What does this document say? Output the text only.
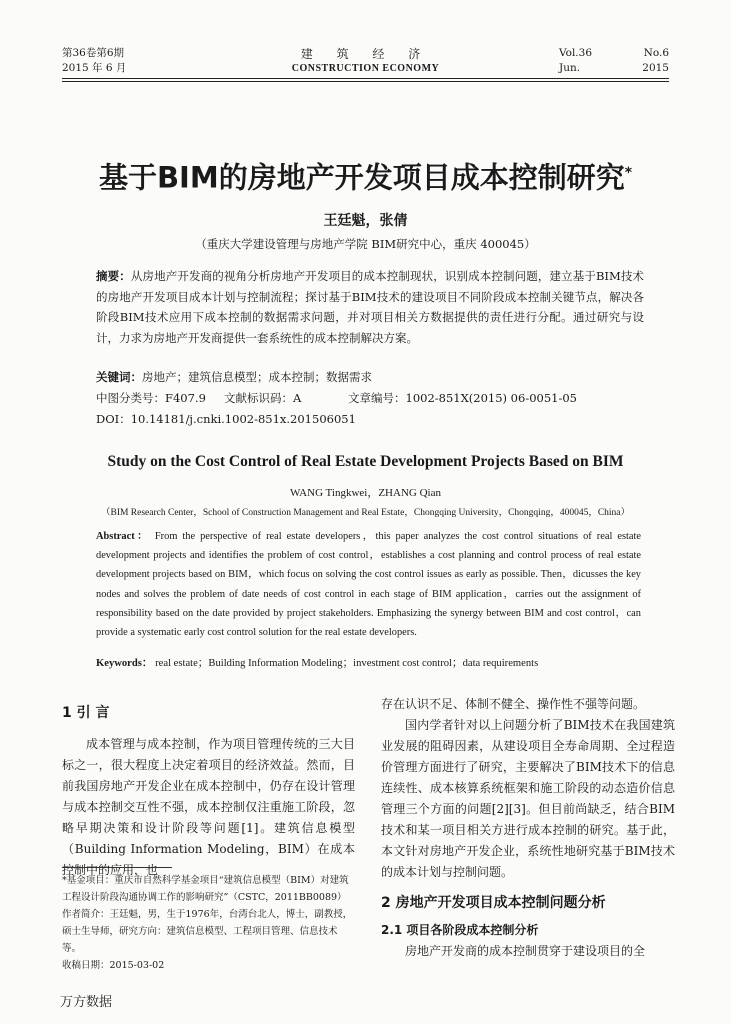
第36卷第6期
2015 年 6 月
建 筑 经 济
CONSTRUCTION ECONOMY
Vol.36	No.6
Jun.	2015
基于BIM的房地产开发项目成本控制研究*
王廷魁，张倩
（重庆大学建设管理与房地产学院 BIM研究中心，重庆 400045）
摘要：从房地产开发商的视角分析房地产开发项目的成本控制现状，识别成本控制问题，建立基于BIM技术的房地产开发项目成本计划与控制流程；探讨基于BIM技术的建设项目不同阶段成本控制关键节点，解决各阶段BIM技术应用下成本控制的数据需求问题，并对项目相关方数据提供的责任进行分配。通过研究与设计，力求为房地产开发商提供一套系统性的成本控制解决方案。
关键词：房地产；建筑信息模型；成本控制；数据需求
中图分类号：F407.9 文献标识码：A	文章编号：1002-851X(2015) 06-0051-05
DOI：10.14181/j.cnki.1002-851x.201506051
Study on the Cost Control of Real Estate Development Projects Based on BIM
WANG Tingkwei，ZHANG Qian
（BIM Research Center，School of Construction Management and Real Estate，Chongqing University，Chongqing，400045，China）
Abstract： From the perspective of real estate developers，this paper analyzes the cost control situations of real estate development projects and identifies the problem of cost control，establishes a cost planning and control process of real estate development projects based on BIM，which focus on solving the cost control issues as early as possible. Then，dicusses the key nodes and solves the problem of date needs of cost control in each stage of BIM application，carries out the assignment of responsibility based on the date provided by project stakeholders. Emphasizing the synergy between BIM and cost control，can provide a systematic early cost control solution for the real estate developers.
Keywords： real estate；Building Information Modeling；investment cost control；data requirements

1 引 言

成本管理与成本控制，作为项目管理传统的三大目标之一，很大程度上决定着项目的经济效益。然而，目前我国房地产开发企业在成本控制中，仍存在设计管理与成本控制交互性不强，成本控制仅注重施工阶段，忽略早期决策和设计阶段等问题[1]。建筑信息模型（Building Information Modeling，BIM）在成本控制中的应用，也

*基金项目：重庆市自然科学基金项目“建筑信息模型（BIM）对建筑工程设计阶段沟通协调工作的影响研究”（CSTC，2011BB0089）

作者简介：王廷魁，男，生于1976年，台湾台北人，博士，副教授，硕士生导师，研究方向：建筑信息模型、工程项目管理、信息技术等。

收稿日期：2015-03-02

存在认识不足、体制不健全、操作性不强等问题。

国内学者针对以上问题分析了BIM技术在我国建筑业发展的阻碍因素，从建设项目全寿命周期、全过程造价管理方面进行了研究，主要解决了BIM技术下的信息连续性、成本核算系统框架和施工阶段的动态造价信息管理三个方面的问题[2][3]。但目前尚缺乏，结合BIM技术和某一项目相关方进行成本控制的研究。基于此，本文针对房地产开发企业，系统性地研究基于BIM技术的成本计划与控制问题。

2 房地产开发项目成本控制问题分析

2.1 项目各阶段成本控制分析

房地产开发商的成本控制贯穿于建设项目的全

万方数据
